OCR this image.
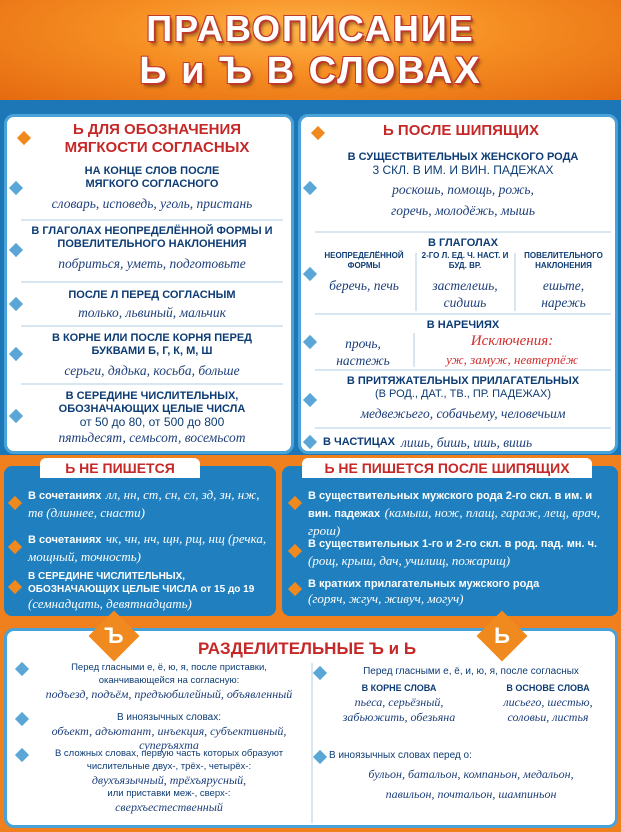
ПРАВОПИСАНИЕ
Ь и Ъ В СЛОВАХ
Ь ДЛЯ ОБОЗНАЧЕНИЯ МЯГКОСТИ СОГЛАСНЫХ
НА КОНЦЕ СЛОВ ПОСЛЕ МЯГКОГО СОГЛАСНОГО
словарь, исповедь, уголь, пристань
В ГЛАГОЛАХ НЕОПРЕДЕЛЁННОЙ ФОРМЫ И ПОВЕЛИТЕЛЬНОГО НАКЛОНЕНИЯ
побриться, уметь, подготовьте
ПОСЛЕ Л ПЕРЕД СОГЛАСНЫМ
только, львиный, мальчик
В КОРНЕ ИЛИ ПОСЛЕ КОРНЯ ПЕРЕД БУКВАМИ Б, Г, К, М, Ш
серьги, дядька, косьба, больше
В СЕРЕДИНЕ ЧИСЛИТЕЛЬНЫХ, ОБОЗНАЧАЮЩИХ ЦЕЛЫЕ ЧИСЛА
от 50 до 80, от 500 до 800
пятьдесят, семьсот, восемьсот
Ь ПОСЛЕ ШИПЯЩИХ
В СУЩЕСТВИТЕЛЬНЫХ ЖЕНСКОГО РОДА
3 СКЛ. В ИМ. И ВИН. ПАДЕЖАХ
роскошь, помощь, рожь,
горечь, молодёжь, мышь
В ГЛАГОЛАХ
НЕОПРЕДЕЛЁННОЙ ФОРМЫ
беречь, печь
2-ГО Л. ЕД. Ч. НАСТ. И БУД. ВР.
застелешь, сидишь
ПОВЕЛИТЕЛЬНОГО НАКЛОНЕНИЯ
ешьте, нарежь
В НАРЕЧИЯХ
прочь, настежь
Исключения:
уж, замуж, невтерпёж
В ПРИТЯЖАТЕЛЬНЫХ ПРИЛАГАТЕЛЬНЫХ
(В РОД., ДАТ., ТВ., ПР. ПАДЕЖАХ)
медвежьего, собачьему, человечьим
В ЧАСТИЦАХ лишь, бишь, ишь, вишь
Ь НЕ ПИШЕТСЯ
В сочетаниях лл, нн, ст, сн, сл, зд, зн, нж, тв (длиннее, снасти)
В сочетаниях чк, чн, нч, щн, рщ, нщ (речка, мощный, точность)
В СЕРЕДИНЕ ЧИСЛИТЕЛЬНЫХ, ОБОЗНАЧАЮЩИХ ЦЕЛЫЕ ЧИСЛА от 15 до 19
(семнадцать, девятнадцать)
Ь НЕ ПИШЕТСЯ ПОСЛЕ ШИПЯЩИХ
В существительных мужского рода 2-го скл. в им. и вин. падежах (камыш, нож, плащ, гараж, лещ, врач, грош)
В существительных 1-го и 2-го скл. в род. пад. мн. ч. (рощ, крыш, дач, училищ, пожарищ)
В кратких прилагательных мужского рода
(горяч, жгуч, живуч, могуч)
РАЗДЕЛИТЕЛЬНЫЕ Ъ и Ь
Перед гласными е, ё, ю, я, после приставки, оканчивающейся на согласную:
подъезд, подъём, предъюбилейный, объявленный
В иноязычных словах:
объект, адъютант, инъекция, субъективный, суперъяхта
В сложных словах, первую часть которых образуют числительные двух-, трёх-, четырёх-:
двухъязычный, трёхъярусный,
или приставки меж-, сверх-:
сверхъестественный
Перед гласными е, ё, и, ю, я, после согласных
В КОРНЕ СЛОВА
пьеса, серьёзный, забьюжить, обезьяна
В ОСНОВЕ СЛОВА
лисьего, шестью, соловьи, листья
В иноязычных словах перед о:
бульон, батальон, компаньон, медальон,
павильон, почтальон, шампиньон
Ъ	Ь
